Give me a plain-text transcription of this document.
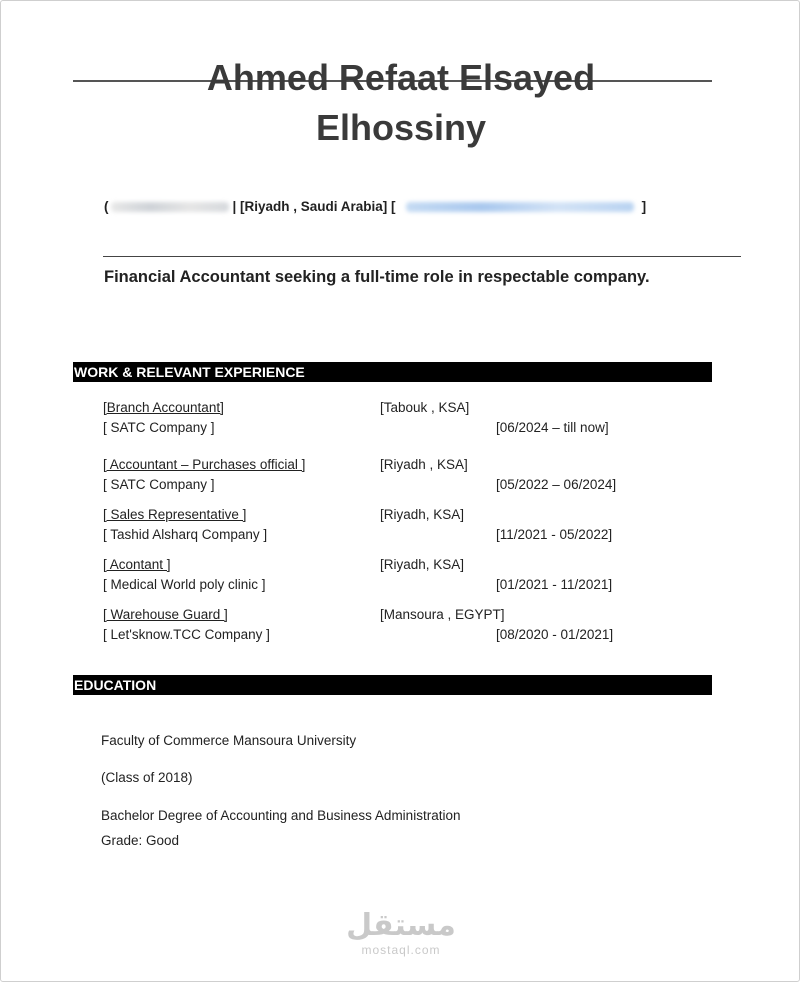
Ahmed Refaat Elsayed
Elhossiny
(	| [Riyadh , Saudi Arabia] [	]
Financial Accountant seeking a full-time role in respectable company.
WORK & RELEVANT EXPERIENCE
[Branch Accountant]	[Tabouk , KSA]
[ SATC Company ]	[06/2024 – till now]
[ Accountant – Purchases official ]	[Riyadh , KSA]
[ SATC Company ]	[05/2022 – 06/2024]
[ Sales Representative ]	[Riyadh, KSA]
[ Tashid Alsharq Company ]	[11/2021 - 05/2022]
[ Acontant ]	[Riyadh, KSA]
[ Medical World poly clinic ]	[01/2021 - 11/2021]
[ Warehouse Guard ]	[Mansoura , EGYPT]
[ Let'sknow.TCC Company ]	[08/2020 - 01/2021]
EDUCATION
Faculty of Commerce Mansoura University
(Class of 2018)
Bachelor Degree of Accounting and Business Administration
Grade: Good
مستقل
mostaql.com
